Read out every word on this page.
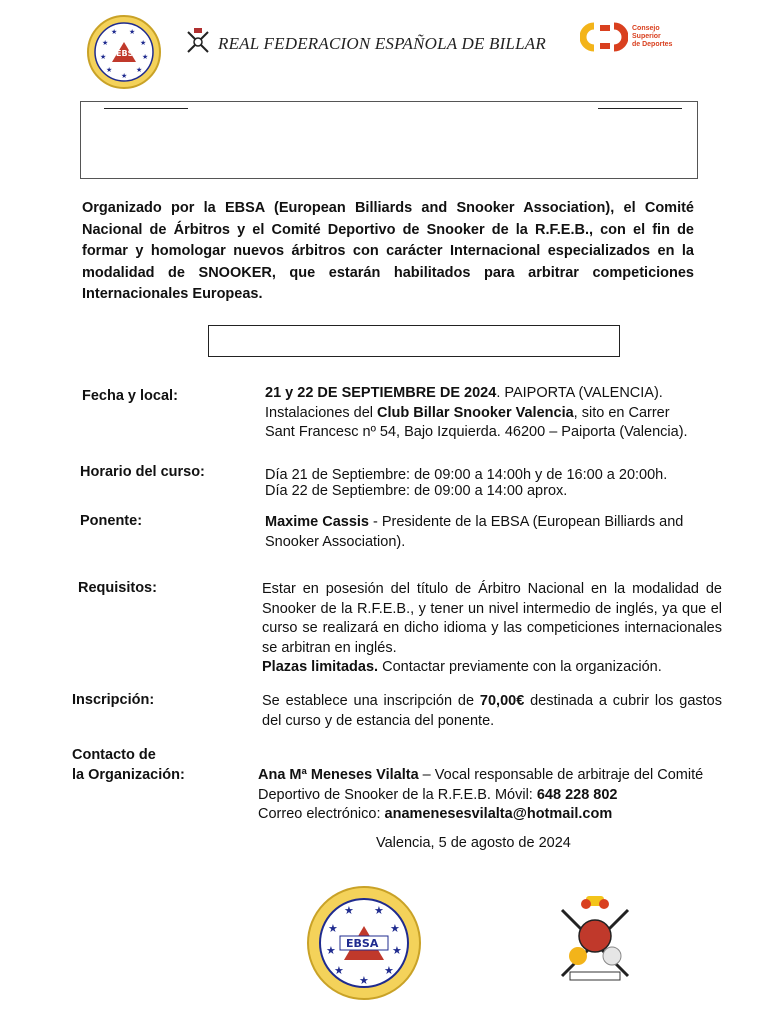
★ ★
★	★
★	★
★	★
★
EBSA
REAL FEDERACION ESPAÑOLA DE BILLAR
Consejo
Superior
de Deportes
Organizado por la EBSA (European Billiards and Snooker Association), el Comité Nacional de Árbitros y el Comité Deportivo de Snooker de la R.F.E.B., con el fin de formar y homologar nuevos árbitros con carácter Internacional especializados en la modalidad de SNOOKER, que estarán habilitados para arbitrar competiciones Internacionales Europeas.
Fecha y local:	21 y 22 DE SEPTIEMBRE DE 2024. PAIPORTA (VALENCIA).
Instalaciones del Club Billar Snooker Valencia, sito en Carrer
Sant Francesc nº 54, Bajo Izquierda. 46200 – Paiporta (Valencia).
Horario del curso:	Día 21 de Septiembre: de 09:00 a 14:00h y de 16:00 a 20:00h.
Día 22 de Septiembre: de 09:00 a 14:00 aprox.
Ponente:	Maxime Cassis - Presidente de la EBSA (European Billiards and
Snooker Association).
Requisitos:	Estar en posesión del título de Árbitro Nacional en la modalidad de Snooker de la R.F.E.B., y tener un nivel intermedio de inglés, ya que el curso se realizará en dicho idioma y las competiciones internacionales se arbitran en inglés.
Plazas limitadas. Contactar previamente con la organización.
Inscripción:	Se establece una inscripción de 70,00€ destinada a cubrir los gastos del curso y de estancia del ponente.
Contacto de
la Organización:	Ana Mª Meneses Vilalta – Vocal responsable de arbitraje del Comité
Deportivo de Snooker de la R.F.E.B. Móvil: 648 228 802
Correo electrónico: anamenesesvilalta@hotmail.com
Valencia, 5 de agosto de 2024
★ ★
★	★
★	★
★	★
★
EBSA
